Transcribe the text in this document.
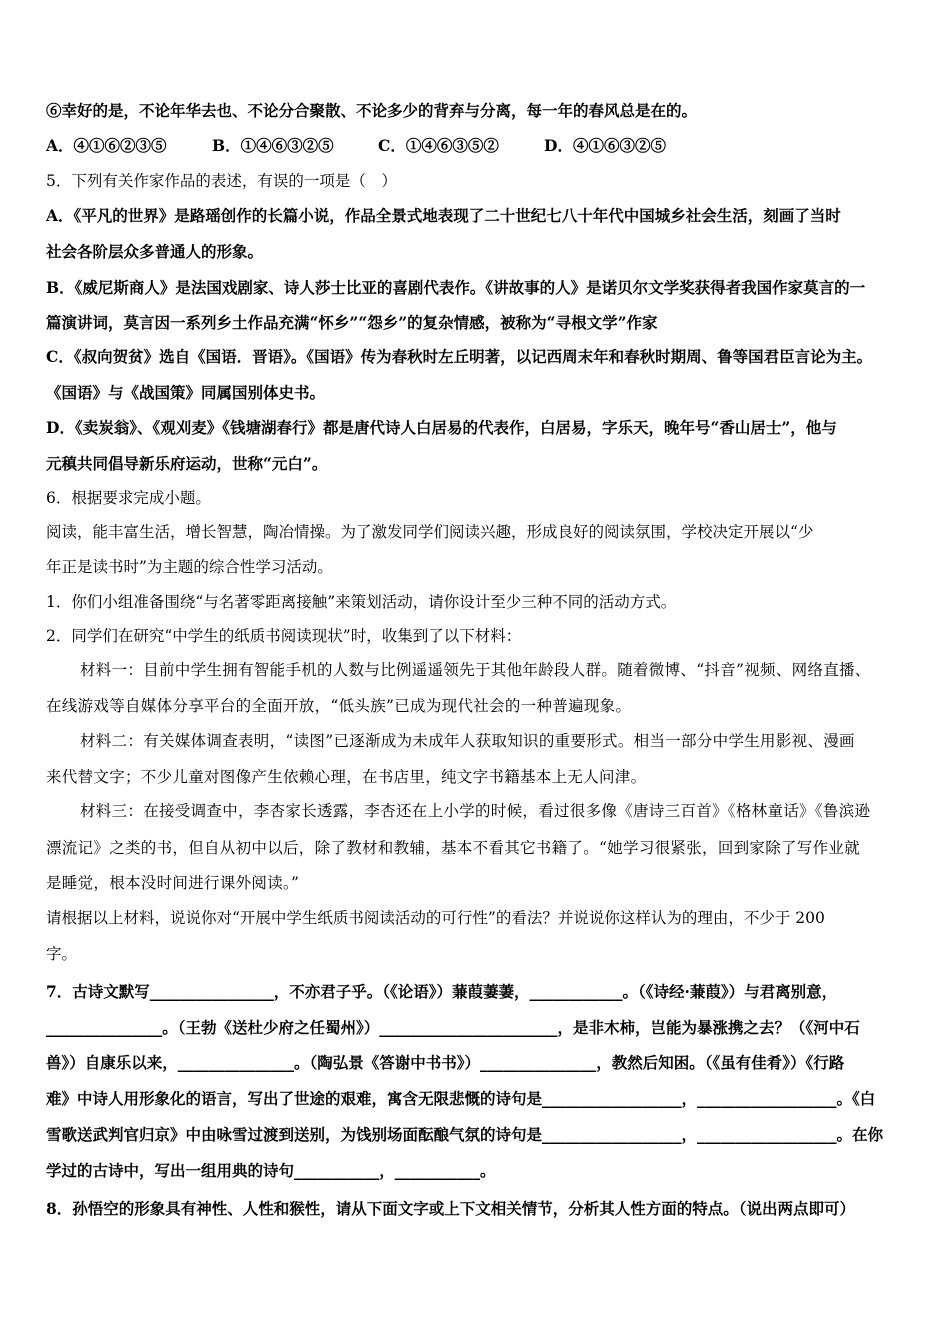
⑥幸好的是，不论年华去也、不论分合聚散、不论多少的背弃与分离，每一年的春风总是在的。
A．④①⑥②③⑤	B．①④⑥③②⑤	C．①④⑥③⑤②	D．④①⑥③②⑤
5．下列有关作家作品的表述，有误的一项是（　）
A．《平凡的世界》是路瑶创作的长篇小说，作品全景式地表现了二十世纪七八十年代中国城乡社会生活，刻画了当时
社会各阶层众多普通人的形象。
B．《威尼斯商人》是法国戏剧家、诗人莎士比亚的喜剧代表作。《讲故事的人》是诺贝尔文学奖获得者我国作家莫言的一
篇演讲词，莫言因一系列乡土作品充满“怀乡”“怨乡”的复杂情感，被称为“寻根文学”作家
C．《叔向贺贫》选自《国语．晋语》。《国语》传为春秋时左丘明著，以记西周末年和春秋时期周、鲁等国君臣言论为主。
《国语》与《战国策》同属国别体史书。
D．《卖炭翁》、《观刈麦》《钱塘湖春行》都是唐代诗人白居易的代表作，白居易，字乐天，晚年号“香山居士”，他与
元稹共同倡导新乐府运动，世称“元白”。
6．根据要求完成小题。
阅读，能丰富生活，增长智慧，陶冶情操。为了激发同学们阅读兴趣，形成良好的阅读氛围，学校决定开展以“少
年正是读书时”为主题的综合性学习活动。
1．你们小组准备围绕“与名著零距离接触”来策划活动，请你设计至少三种不同的活动方式。
2．同学们在研究“中学生的纸质书阅读现状”时，收集到了以下材料：
材料一：目前中学生拥有智能手机的人数与比例遥遥领先于其他年龄段人群。随着微博、“抖音”视频、网络直播、
在线游戏等自媒体分享平台的全面开放，“低头族”已成为现代社会的一种普遍现象。
材料二：有关媒体调查表明，“读图”已逐渐成为未成年人获取知识的重要形式。相当一部分中学生用影视、漫画
来代替文字；不少儿童对图像产生依赖心理，在书店里，纯文字书籍基本上无人问津。
材料三：在接受调查中，李杏家长透露，李杏还在上小学的时候，看过很多像《唐诗三百首》《格林童话》《鲁滨逊
漂流记》之类的书，但自从初中以后，除了教材和教辅，基本不看其它书籍了。“她学习很紧张，回到家除了写作业就
是睡觉，根本没时间进行课外阅读。”
请根据以上材料，说说你对“开展中学生纸质书阅读活动的可行性”的看法？并说说你这样认为的理由，不少于 200
字。
7．古诗文默写________________，不亦君子乎。（《论语》）蒹葭萋萋，____________。（《诗经·蒹葭》）与君离别意，
_______________。（王勃《送杜少府之任蜀州》）_______________________，是非木柿，岂能为暴涨携之去？（《河中石
兽》）自康乐以来，_______________。（陶弘景《答谢中书书》）_______________，教然后知困。（《虽有佳肴》）《行路
难》中诗人用形象化的语言，写出了世途的艰难，寓含无限悲慨的诗句是__________________，__________________。《白
雪歌送武判官归京》中由咏雪过渡到送别，为饯别场面酝酿气氛的诗句是__________________，__________________。在你
学过的古诗中，写出一组用典的诗句___________，___________。
8．孙悟空的形象具有神性、人性和猴性，请从下面文字或上下文相关情节，分析其人性方面的特点。（说出两点即可）
